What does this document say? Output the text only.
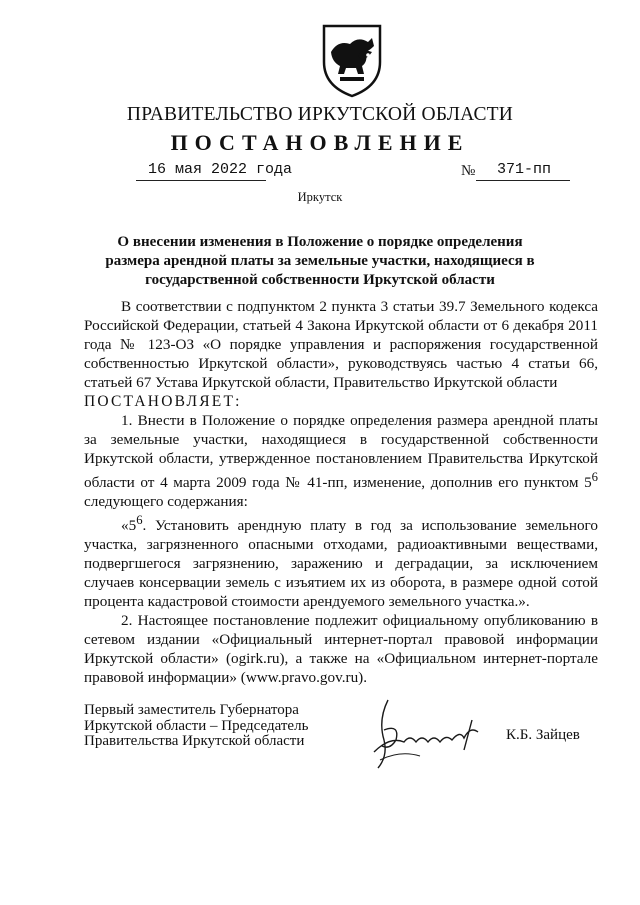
ПРАВИТЕЛЬСТВО ИРКУТСКОЙ ОБЛАСТИ
ПОСТАНОВЛЕНИЕ
16 мая 2022 года	№ 371-пп
Иркутск
О внесении изменения в Положение о порядке определения размера арендной платы за земельные участки, находящиеся в государственной собственности Иркутской области

В соответствии с подпунктом 2 пункта 3 статьи 39.7 Земельного кодекса Российской Федерации, статьей 4 Закона Иркутской области от 6 декабря 2011 года № 123-ОЗ «О порядке управления и распоряжения государственной собственностью Иркутской области», руководствуясь частью 4 статьи 66, статьей 67 Устава Иркутской области, Правительство Иркутской области

ПОСТАНОВЛЯЕТ:

1. Внести в Положение о порядке определения размера арендной платы за земельные участки, находящиеся в государственной собственности Иркутской области, утвержденное постановлением Правительства Иркутской области от 4 марта 2009 года № 41-пп, изменение, дополнив его пунктом $5^6$ следующего содержания:

«$5^6$. Установить арендную плату в год за использование земельного участка, загрязненного опасными отходами, радиоактивными веществами, подвергшегося загрязнению, заражению и деградации, за исключением случаев консервации земель с изъятием их из оборота, в размере одной сотой процента кадастровой стоимости арендуемого земельного участка.».

2. Настоящее постановление подлежит официальному опубликованию в сетевом издании «Официальный интернет-портал правовой информации Иркутской области» (ogirk.ru), а также на «Официальном интернет-портале правовой информации» (www.pravo.gov.ru).

Первый заместитель Губернатора
Иркутской области – Председатель
Правительства Иркутской области	К.Б. Зайцев
